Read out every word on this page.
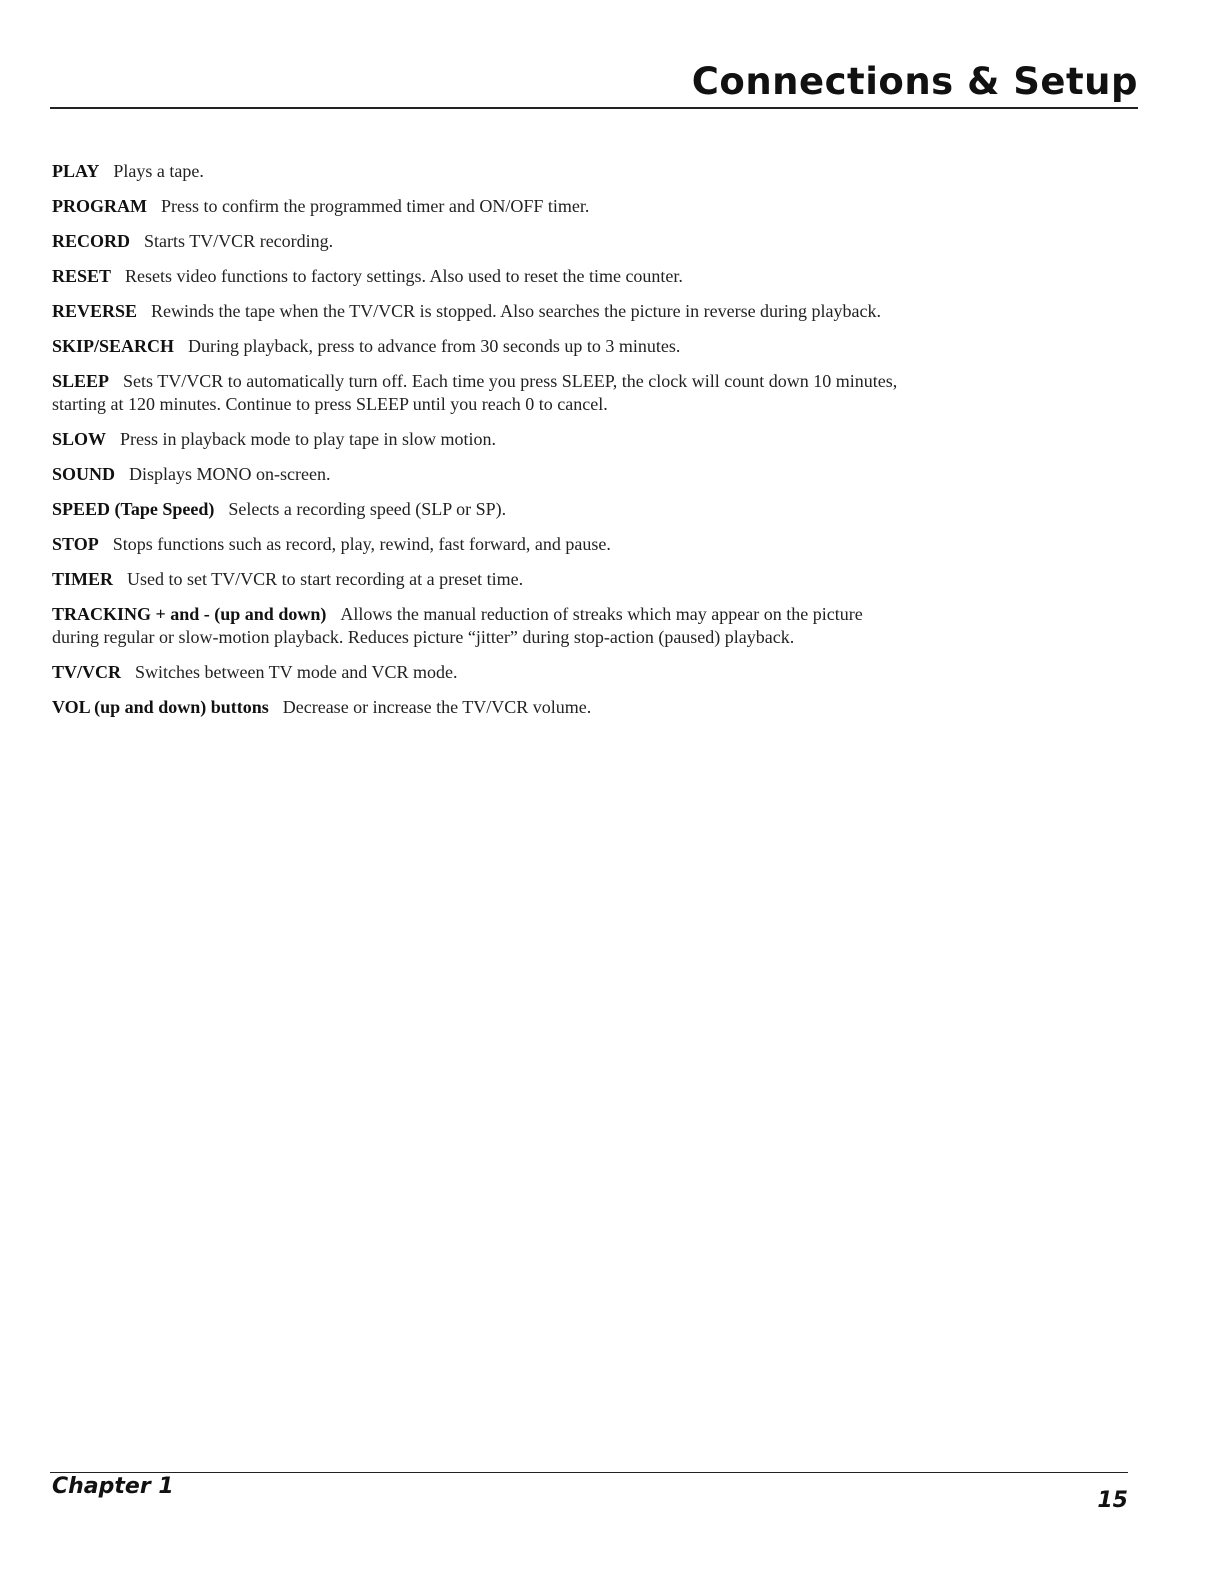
Connections & Setup

PLAY Plays a tape.

PROGRAM Press to confirm the programmed timer and ON/OFF timer.

RECORD Starts TV/VCR recording.

RESET Resets video functions to factory settings. Also used to reset the time counter.

REVERSE Rewinds the tape when the TV/VCR is stopped. Also searches the picture in reverse during playback.

SKIP/SEARCH During playback, press to advance from 30 seconds up to 3 minutes.

SLEEP Sets TV/VCR to automatically turn off. Each time you press SLEEP, the clock will count down 10 minutes, starting at 120 minutes. Continue to press SLEEP until you reach 0 to cancel.

SLOW Press in playback mode to play tape in slow motion.

SOUND Displays MONO on-screen.

SPEED (Tape Speed) Selects a recording speed (SLP or SP).

STOP Stops functions such as record, play, rewind, fast forward, and pause.

TIMER Used to set TV/VCR to start recording at a preset time.

TRACKING + and - (up and down) Allows the manual reduction of streaks which may appear on the picture during regular or slow-motion playback. Reduces picture “jitter” during stop-action (paused) playback.

TV/VCR Switches between TV mode and VCR mode.

VOL (up and down) buttons Decrease or increase the TV/VCR volume.

Chapter 1
15
